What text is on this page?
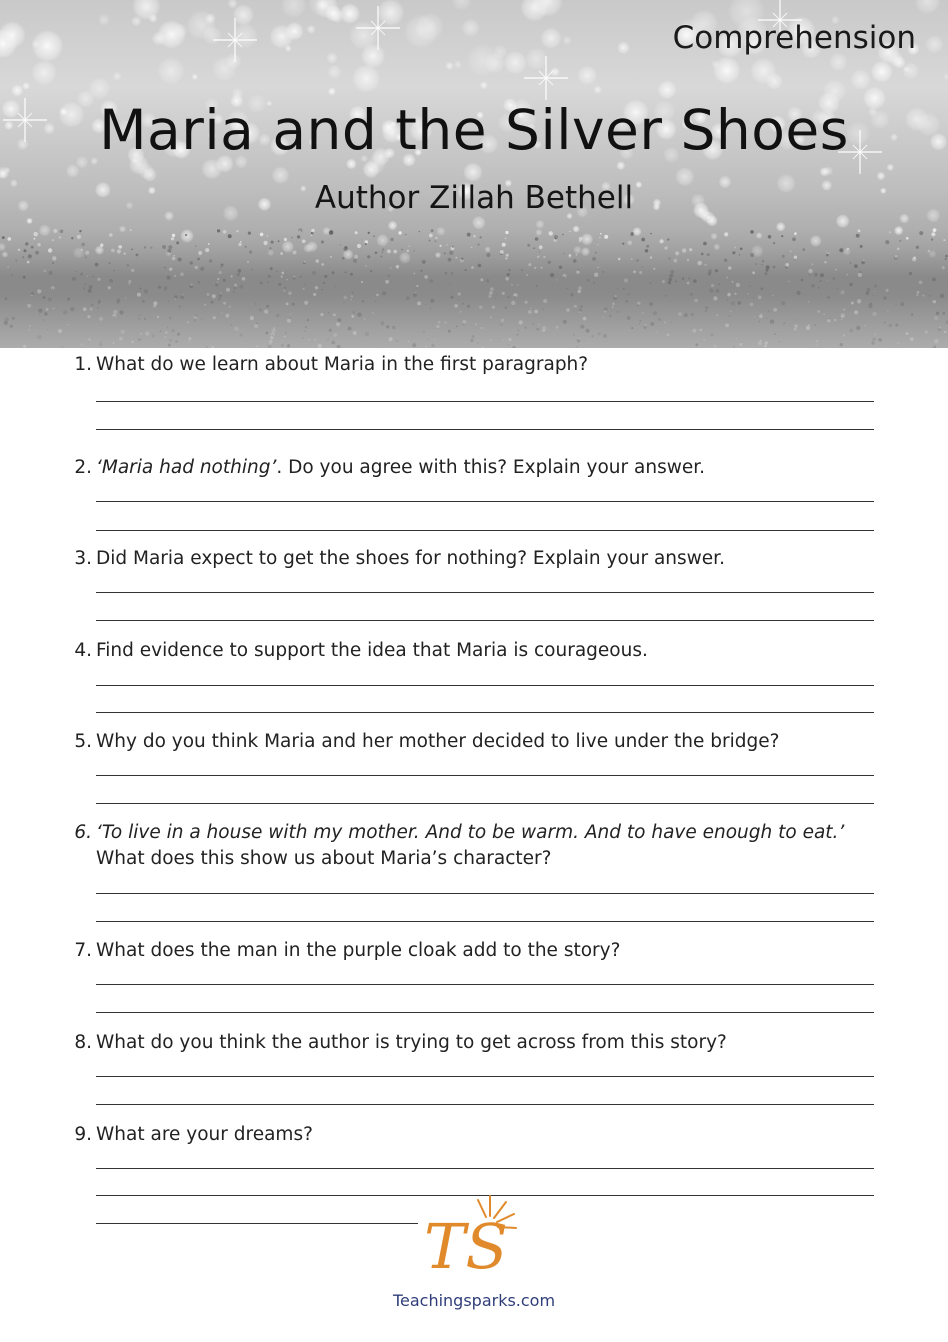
Comprehension
Maria and the Silver Shoes
Author Zillah Bethell
1. What do we learn about Maria in the first paragraph?
2. ‘Maria had nothing’. Do you agree with this? Explain your answer.
3. Did Maria expect to get the shoes for nothing? Explain your answer.
4. Find evidence to support the idea that Maria is courageous.
5. Why do you think Maria and her mother decided to live under the bridge?
6. ‘To live in a house with my mother. And to be warm. And to have enough to eat.’
What does this show us about Maria’s character?
7. What does the man in the purple cloak add to the story?
8. What do you think the author is trying to get across from this story?
9. What are your dreams?
TS
Teachingsparks.com
